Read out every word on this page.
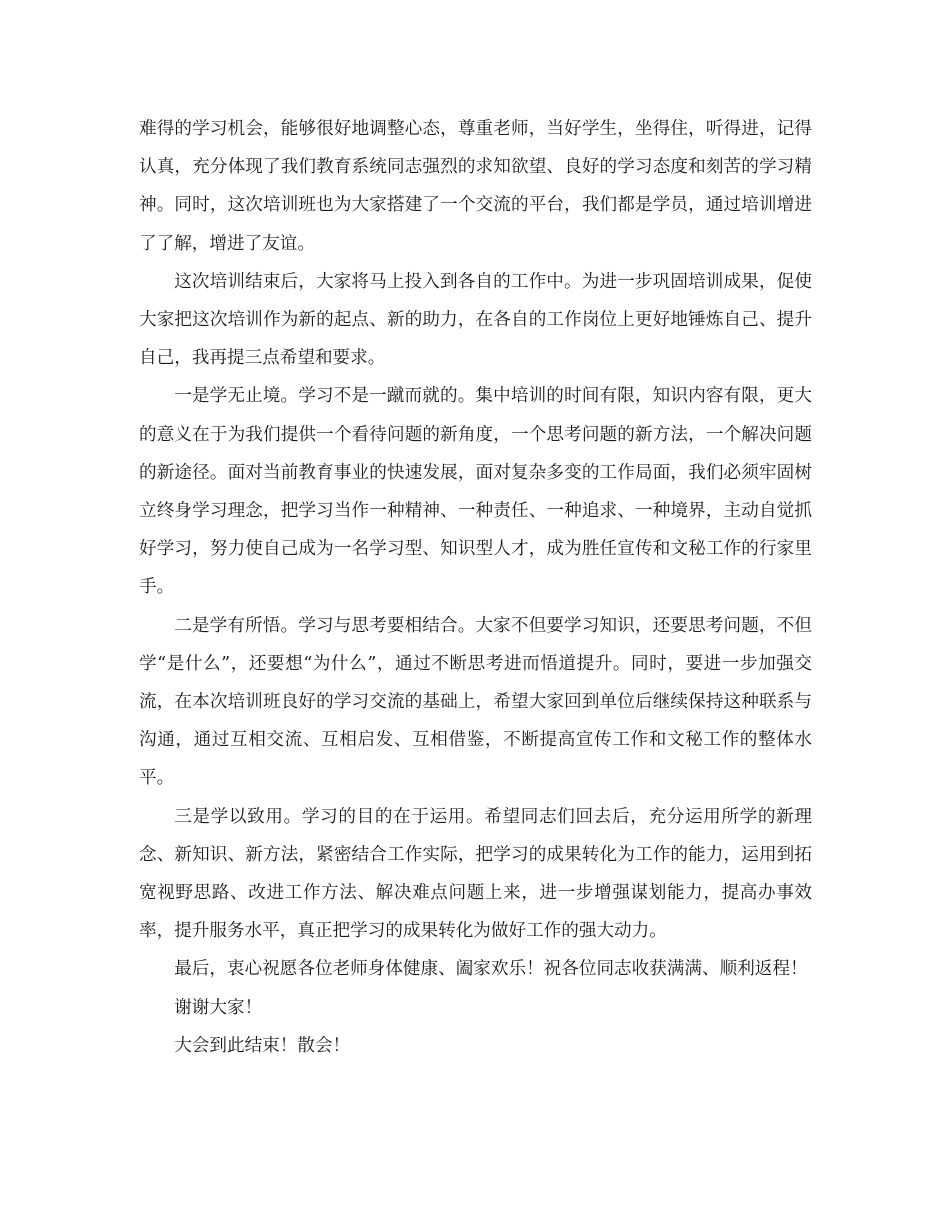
难得的学习机会，能够很好地调整心态，尊重老师，当好学生，坐得住，听得进，记得认真，充分体现了我们教育系统同志强烈的求知欲望、良好的学习态度和刻苦的学习精神。同时，这次培训班也为大家搭建了一个交流的平台，我们都是学员，通过培训增进了了解，增进了友谊。

这次培训结束后，大家将马上投入到各自的工作中。为进一步巩固培训成果，促使大家把这次培训作为新的起点、新的助力，在各自的工作岗位上更好地锤炼自己、提升自己，我再提三点希望和要求。

一是学无止境。学习不是一蹴而就的。集中培训的时间有限，知识内容有限，更大的意义在于为我们提供一个看待问题的新角度，一个思考问题的新方法，一个解决问题的新途径。面对当前教育事业的快速发展，面对复杂多变的工作局面，我们必须牢固树立终身学习理念，把学习当作一种精神、一种责任、一种追求、一种境界，主动自觉抓好学习，努力使自己成为一名学习型、知识型人才，成为胜任宣传和文秘工作的行家里手。

二是学有所悟。学习与思考要相结合。大家不但要学习知识，还要思考问题，不但学“是什么”，还要想“为什么”，通过不断思考进而悟道提升。同时，要进一步加强交流，在本次培训班良好的学习交流的基础上，希望大家回到单位后继续保持这种联系与沟通，通过互相交流、互相启发、互相借鉴，不断提高宣传工作和文秘工作的整体水平。

三是学以致用。学习的目的在于运用。希望同志们回去后，充分运用所学的新理念、新知识、新方法，紧密结合工作实际，把学习的成果转化为工作的能力，运用到拓宽视野思路、改进工作方法、解决难点问题上来，进一步增强谋划能力，提高办事效率，提升服务水平，真正把学习的成果转化为做好工作的强大动力。

最后，衷心祝愿各位老师身体健康、阖家欢乐！祝各位同志收获满满、顺利返程！

谢谢大家！

大会到此结束！散会！
